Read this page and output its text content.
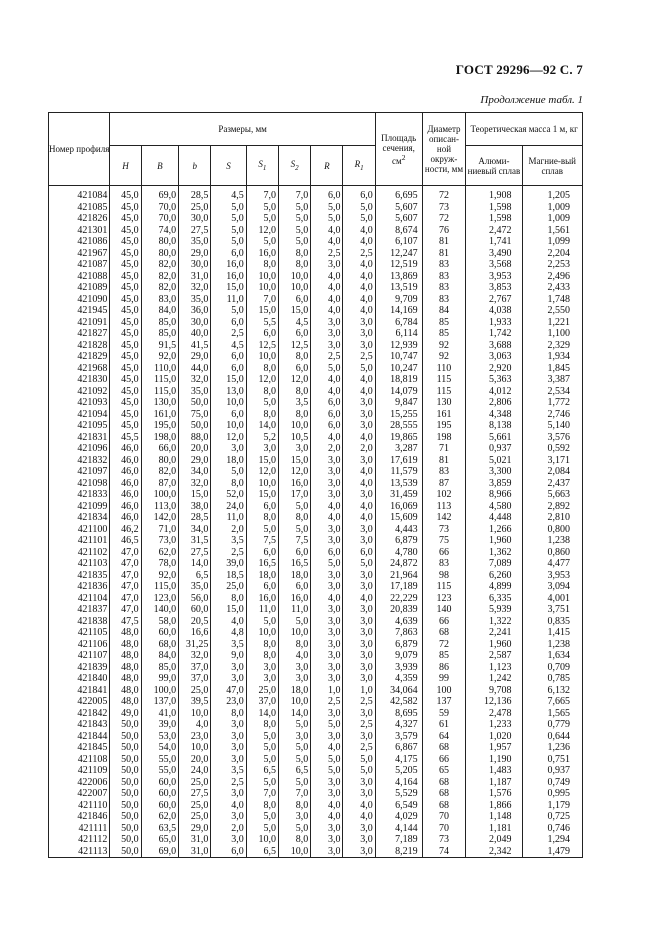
ГОСТ 29296—92 С. 7
Продолжение табл. 1
Номер профиля	Размеры, мм								Площадь сечения, $см^2$	Диаметр описан-ной окруж-ности, мм	Теоретическая масса 1 м, кг	
	H	B	b	S	$S_1$	$S_2$	R	$R_1$			Алюми-ниевый сплав	Магние-вый сплав
421084	45,0	69,0	28,5	4,5	7,0	7,0	6,0	6,0	6,695	72	1,908	1,205
421085	45,0	70,0	25,0	5,0	5,0	5,0	5,0	5,0	5,607	73	1,598	1,009
421826	45,0	70,0	30,0	5,0	5,0	5,0	5,0	5,0	5,607	72	1,598	1,009
421301	45,0	74,0	27,5	5,0	12,0	5,0	4,0	4,0	8,674	76	2,472	1,561
421086	45,0	80,0	35,0	5,0	5,0	5,0	4,0	4,0	6,107	81	1,741	1,099
421967	45,0	80,0	29,0	6,0	16,0	8,0	2,5	2,5	12,247	81	3,490	2,204
421087	45,0	82,0	30,0	16,0	8,0	8,0	3,0	4,0	12,519	83	3,568	2,253
421088	45,0	82,0	31,0	16,0	10,0	10,0	4,0	4,0	13,869	83	3,953	2,496
421089	45,0	82,0	32,0	15,0	10,0	10,0	4,0	4,0	13,519	83	3,853	2,433
421090	45,0	83,0	35,0	11,0	7,0	6,0	4,0	4,0	9,709	83	2,767	1,748
421945	45,0	84,0	36,0	5,0	15,0	15,0	4,0	4,0	14,169	84	4,038	2,550
421091	45,0	85,0	30,0	6,0	5,5	4,5	3,0	3,0	6,784	85	1,933	1,221
421827	45,0	85,0	40,0	2,5	6,0	6,0	3,0	3,0	6,114	85	1,742	1,100
421828	45,0	91,5	41,5	4,5	12,5	12,5	3,0	3,0	12,939	92	3,688	2,329
421829	45,0	92,0	29,0	6,0	10,0	8,0	2,5	2,5	10,747	92	3,063	1,934
421968	45,0	110,0	44,0	6,0	8,0	6,0	5,0	5,0	10,247	110	2,920	1,845
421830	45,0	115,0	32,0	15,0	12,0	12,0	4,0	4,0	18,819	115	5,363	3,387
421092	45,0	115,0	35,0	13,0	8,0	8,0	4,0	4,0	14,079	115	4,012	2,534
421093	45,0	130,0	50,0	10,0	5,0	3,5	6,0	3,0	9,847	130	2,806	1,772
421094	45,0	161,0	75,0	6,0	8,0	8,0	6,0	3,0	15,255	161	4,348	2,746
421095	45,0	195,0	50,0	10,0	14,0	10,0	6,0	3,0	28,555	195	8,138	5,140
421831	45,5	198,0	88,0	12,0	5,2	10,5	4,0	4,0	19,865	198	5,661	3,576
421096	46,0	66,0	20,0	3,0	3,0	3,0	2,0	2,0	3,287	71	0,937	0,592
421832	46,0	80,0	29,0	18,0	15,0	15,0	3,0	3,0	17,619	81	5,021	3,171
421097	46,0	82,0	34,0	5,0	12,0	12,0	3,0	4,0	11,579	83	3,300	2,084
421098	46,0	87,0	32,0	8,0	10,0	16,0	3,0	4,0	13,539	87	3,859	2,437
421833	46,0	100,0	15,0	52,0	15,0	17,0	3,0	3,0	31,459	102	8,966	5,663
421099	46,0	113,0	38,0	24,0	6,0	5,0	4,0	4,0	16,069	113	4,580	2,892
421834	46,0	142,0	28,5	11,0	8,0	8,0	4,0	4,0	15,609	142	4,448	2,810
421100	46,2	71,0	34,0	2,0	5,0	5,0	3,0	3,0	4,443	73	1,266	0,800
421101	46,5	73,0	31,5	3,5	7,5	7,5	3,0	3,0	6,879	75	1,960	1,238
421102	47,0	62,0	27,5	2,5	6,0	6,0	6,0	6,0	4,780	66	1,362	0,860
421103	47,0	78,0	14,0	39,0	16,5	16,5	5,0	5,0	24,872	83	7,089	4,477
421835	47,0	92,0	6,5	18,5	18,0	18,0	3,0	3,0	21,964	98	6,260	3,953
421836	47,0	115,0	35,0	25,0	6,0	6,0	3,0	3,0	17,189	115	4,899	3,094
421104	47,0	123,0	56,0	8,0	16,0	16,0	4,0	4,0	22,229	123	6,335	4,001
421837	47,0	140,0	60,0	15,0	11,0	11,0	3,0	3,0	20,839	140	5,939	3,751
421838	47,5	58,0	20,5	4,0	5,0	5,0	3,0	3,0	4,639	66	1,322	0,835
421105	48,0	60,0	16,6	4,8	10,0	10,0	3,0	3,0	7,863	68	2,241	1,415
421106	48,0	68,0	31,25	3,5	8,0	8,0	3,0	3,0	6,879	72	1,960	1,238
421107	48,0	84,0	32,0	9,0	8,0	4,0	3,0	3,0	9,079	85	2,587	1,634
421839	48,0	85,0	37,0	3,0	3,0	3,0	3,0	3,0	3,939	86	1,123	0,709
421840	48,0	99,0	37,0	3,0	3,0	3,0	3,0	3,0	4,359	99	1,242	0,785
421841	48,0	100,0	25,0	47,0	25,0	18,0	1,0	1,0	34,064	100	9,708	6,132
422005	48,0	137,0	39,5	23,0	37,0	10,0	2,5	2,5	42,582	137	12,136	7,665
421842	49,0	41,0	10,0	8,0	14,0	14,0	3,0	3,0	8,695	59	2,478	1,565
421843	50,0	39,0	4,0	3,0	8,0	5,0	5,0	2,5	4,327	61	1,233	0,779
421844	50,0	53,0	23,0	3,0	5,0	3,0	3,0	3,0	3,579	64	1,020	0,644
421845	50,0	54,0	10,0	3,0	5,0	5,0	4,0	2,5	6,867	68	1,957	1,236
421108	50,0	55,0	20,0	3,0	5,0	5,0	5,0	5,0	4,175	66	1,190	0,751
421109	50,0	55,0	24,0	3,5	6,5	6,5	5,0	5,0	5,205	65	1,483	0,937
422006	50,0	60,0	25,0	2,5	5,0	5,0	3,0	3,0	4,164	68	1,187	0,749
422007	50,0	60,0	27,5	3,0	7,0	7,0	3,0	3,0	5,529	68	1,576	0,995
421110	50,0	60,0	25,0	4,0	8,0	8,0	4,0	4,0	6,549	68	1,866	1,179
421846	50,0	62,0	25,0	3,0	5,0	3,0	4,0	4,0	4,029	70	1,148	0,725
421111	50,0	63,5	29,0	2,0	5,0	5,0	3,0	3,0	4,144	70	1,181	0,746
421112	50,0	65,0	31,0	3,0	10,0	8,0	3,0	3,0	7,189	73	2,049	1,294
421113	50,0	69,0	31,0	6,0	6,5	10,0	3,0	3,0	8,219	74	2,342	1,479
